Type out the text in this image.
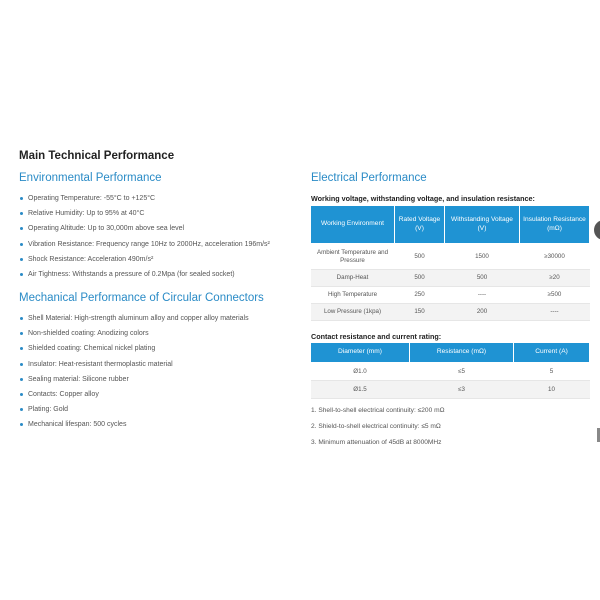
Main Technical Performance
Environmental Performance
Operating Temperature: -55°C to +125°C
Relative Humidity: Up to 95% at 40°C
Operating Altitude: Up to 30,000m above sea level
Vibration Resistance: Frequency range 10Hz to 2000Hz, acceleration 196m/s²
Shock Resistance: Acceleration 490m/s²
Air Tightness: Withstands a pressure of 0.2Mpa (for sealed socket)
Mechanical Performance of Circular Connectors
Shell Material: High-strength aluminum alloy and copper alloy materials
Non-shielded coating: Anodizing colors
Shielded coating: Chemical nickel plating
Insulator: Heat-resistant thermoplastic material
Sealing material: Silicone rubber
Contacts: Copper alloy
Plating: Gold
Mechanical lifespan: 500 cycles
Electrical Performance

Working voltage, withstanding voltage, and insulation resistance:

Working Environment	Rated Voltage (V)	Withstanding Voltage (V)	Insulation Resistance (mΩ)
Ambient Temperature and Pressure	500	1500	≥30000
Damp-Heat	500	500	≥20
High Temperature	250	----	≥500
Low Pressure (1kpa)	150	200	----

Contact resistance and current rating:

Diameter (mm)	Resistance (mΩ)	Current (A)
Ø1.0	≤5	5
Ø1.5	≤3	10

1. Shell-to-shell electrical continuity: ≤200 mΩ

2. Shield-to-shell electrical continuity: ≤5 mΩ

3. Minimum attenuation of 45dB at 8000MHz
